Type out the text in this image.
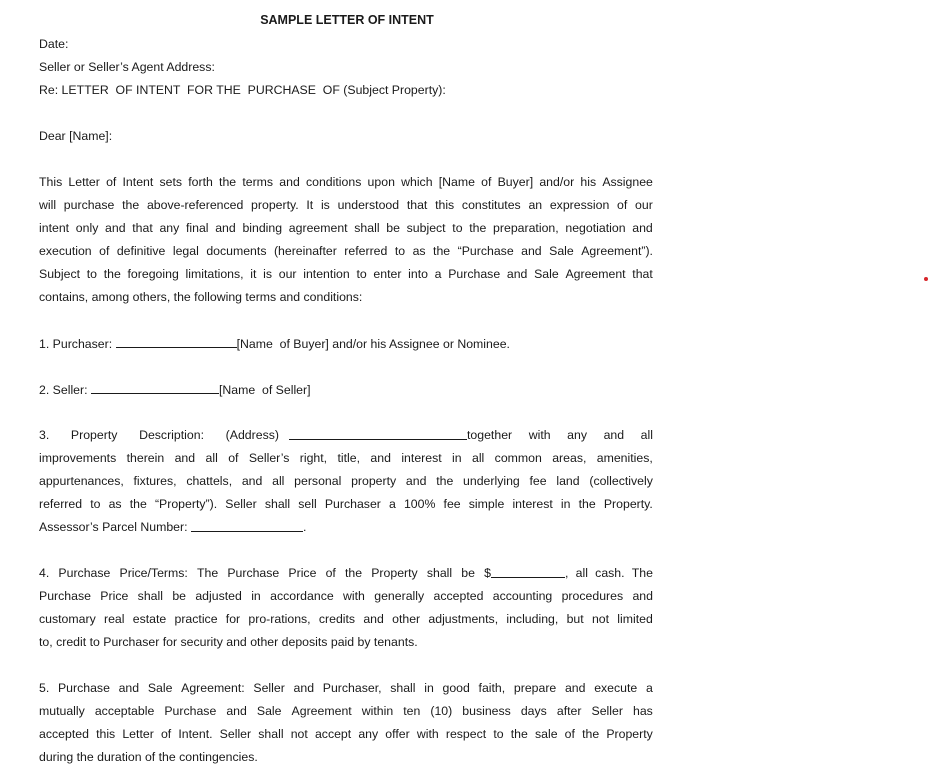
SAMPLE LETTER OF INTENT
Date:
Seller or Seller’s Agent Address:
Re: LETTER  OF INTENT  FOR THE  PURCHASE  OF (Subject Property):
Dear [Name]:
This Letter of Intent sets forth the terms and conditions upon which [Name of Buyer] and/or his Assignee
will purchase the above-referenced property. It is understood that this constitutes an expression of our
intent only and that any final and binding agreement shall be subject to the preparation, negotiation and
execution of definitive legal documents (hereinafter referred to as the “Purchase and Sale Agreement”).
Subject to the foregoing limitations, it is our intention to enter into a Purchase and Sale Agreement that
contains, among others, the following terms and conditions:
1. Purchaser:	[Name  of Buyer] and/or his Assignee or Nominee.
2. Seller:	[Name  of Seller]
3. Property Description: (Address)	together with any and all
improvements therein and all of Seller’s right, title, and interest in all common areas, amenities,
appurtenances, fixtures, chattels, and all personal property and the underlying fee land (collectively
referred to as the “Property”). Seller shall sell Purchaser a 100% fee simple interest in the Property.
Assessor’s Parcel Number:
	.
4. Purchase Price/Terms: The Purchase Price of the Property shall be $	, all cash. The
Purchase Price shall be adjusted in accordance with generally accepted accounting procedures and
customary real estate practice for pro-rations, credits and other adjustments, including, but not limited
to, credit to Purchaser for security and other deposits paid by tenants.
5. Purchase and Sale Agreement: Seller and Purchaser, shall in good faith, prepare and execute a
mutually acceptable Purchase and Sale Agreement within ten (10) business days after Seller has
accepted this Letter of Intent. Seller shall not accept any offer with respect to the sale of the Property
during the duration of the contingencies.
